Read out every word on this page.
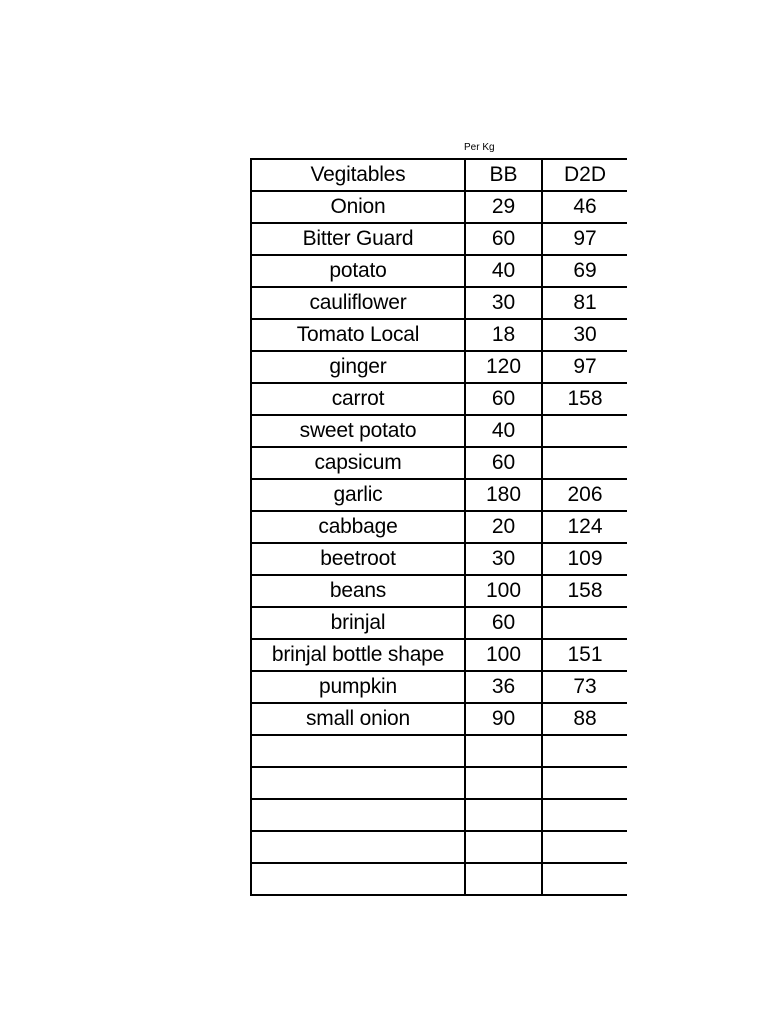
Per Kg
Vegitables	BB	D2D
Onion	29	46
Bitter Guard	60	97
potato	40	69
cauliflower	30	81
Tomato Local	18	30
ginger	120	97
carrot	60	158
sweet potato	40	
capsicum	60	
garlic	180	206
cabbage	20	124
beetroot	30	109
beans	100	158
brinjal	60	
brinjal bottle shape	100	151
pumpkin	36	73
small onion	90	88
